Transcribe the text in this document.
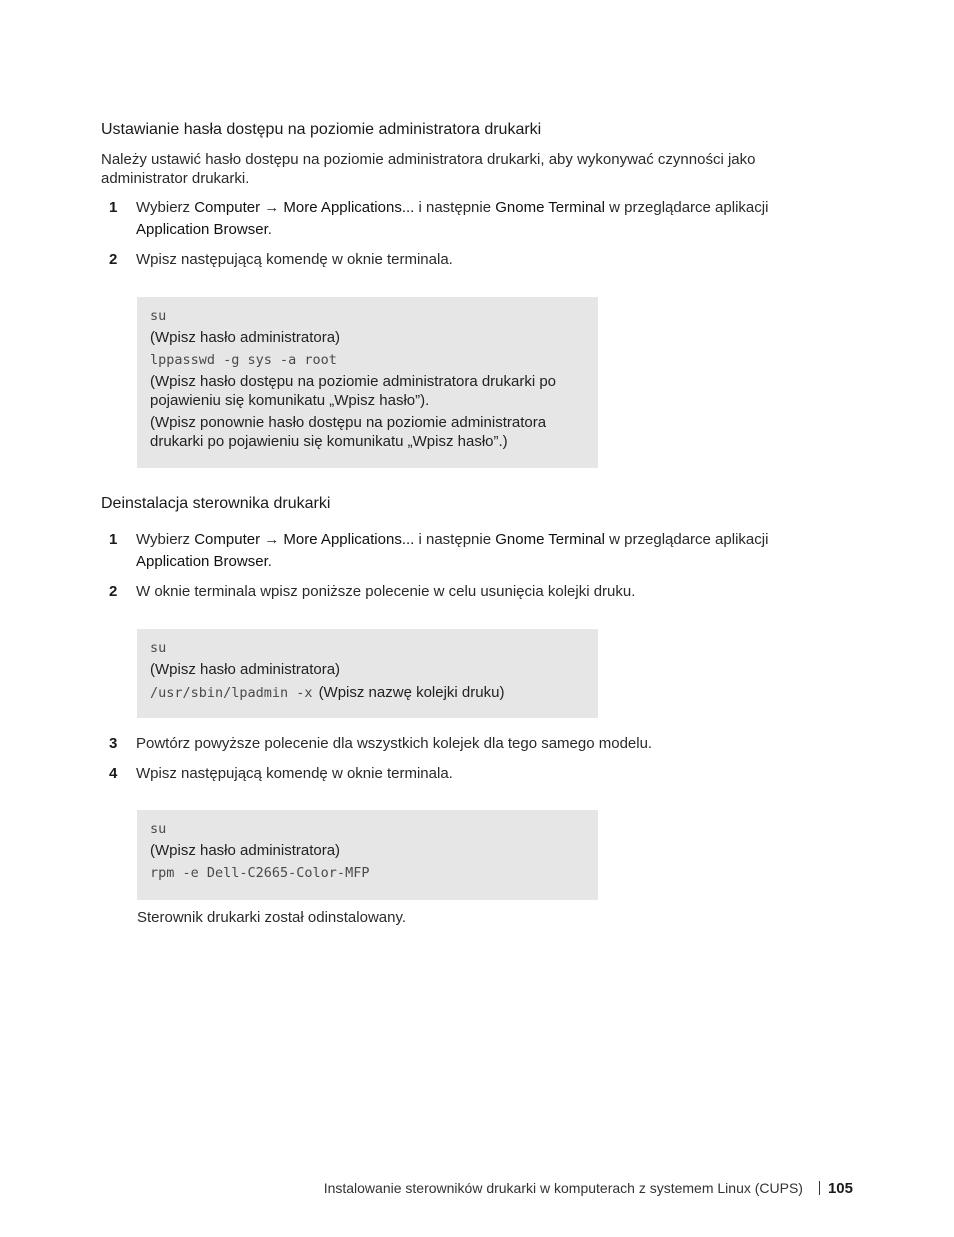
Ustawianie hasła dostępu na poziomie administratora drukarki

Należy ustawić hasło dostępu na poziomie administratora drukarki, aby wykonywać czynności jako administrator drukarki.

1 Wybierz Computer → More Applications... i następnie Gnome Terminal w przeglądarce aplikacji Application Browser.
2 Wpisz następującą komendę w oknie terminala.
su
(Wpisz hasło administratora)
lppasswd -g sys -a root
(Wpisz hasło dostępu na poziomie administratora drukarki po pojawieniu się komunikatu „Wpisz hasło”).
(Wpisz ponownie hasło dostępu na poziomie administratora drukarki po pojawieniu się komunikatu „Wpisz hasło”.)
Deinstalacja sterownika drukarki
1 Wybierz Computer → More Applications... i następnie Gnome Terminal w przeglądarce aplikacji Application Browser.
2 W oknie terminala wpisz poniższe polecenie w celu usunięcia kolejki druku.
su
(Wpisz hasło administratora)
/usr/sbin/lpadmin -x (Wpisz nazwę kolejki druku)
3 Powtórz powyższe polecenie dla wszystkich kolejek dla tego samego modelu.
4 Wpisz następującą komendę w oknie terminala.
su
(Wpisz hasło administratora)
rpm -e Dell-C2665-Color-MFP

Sterownik drukarki został odinstalowany.

Instalowanie sterowników drukarki w komputerach z systemem Linux (CUPS) 105
